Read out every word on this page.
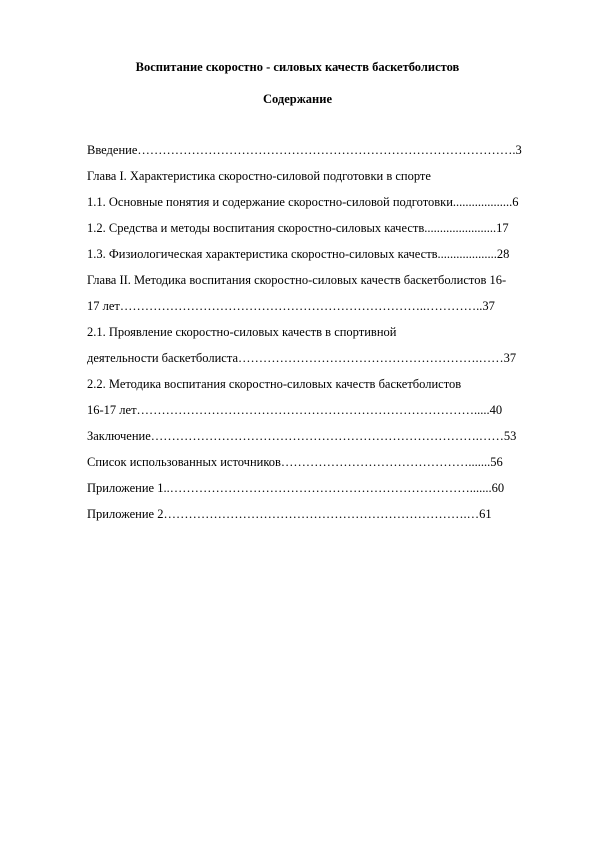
Воспитание скоростно - силовых качеств баскетболистов
Содержание
Введение……………………………………………………………………………….3
Глава I. Характеристика скоростно-силовой подготовки в спорте
1.1. Основные понятия и содержание скоростно-силовой подготовки...................6
1.2. Средства и методы воспитания скоростно-силовых качеств.......................17
1.3. Физиологическая характеристика скоростно-силовых качеств...................28
Глава II. Методика воспитания скоростно-силовых качеств баскетболистов 16-
17 лет………………………………………………………………..…………..37
2.1. Проявление скоростно-силовых качеств в спортивной
деятельности баскетболиста………………………………………………….……37
2.2. Методика воспитания скоростно-силовых качеств баскетболистов
16-17 лет……………………………………………………………………….....40
Заключение…………………………………………………………………….……53
Список использованных источников……………………………………….......56
Приложение 1..……………………………………………………………….......60
Приложение 2……………………………………………………………….…61
